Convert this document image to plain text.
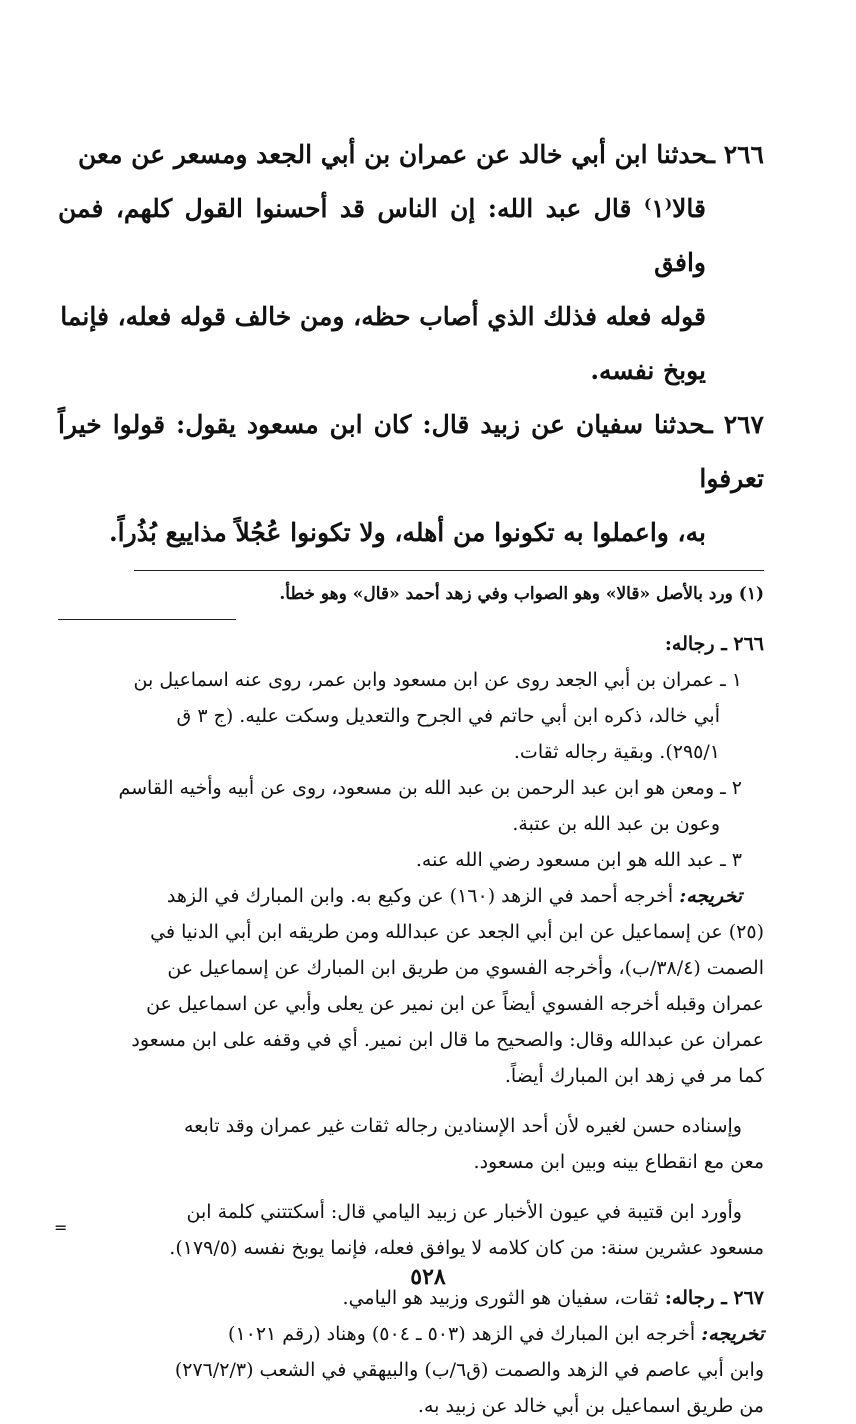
٢٦٦ ـحدثنا ابن أبي خالد عن عمران بن أبي الجعد ومسعر عن معن

قالا⁽١⁾ قال عبد الله: إن الناس قد أحسنوا القول كلهم، فمن وافق

قوله فعله فذلك الذي أصاب حظه، ومن خالف قوله فعله، فإنما

يوبخ نفسه.

٢٦٧ ـحدثنا سفيان عن زبيد قال: كان ابن مسعود يقول: قولوا خيراً تعرفوا

به، واعملوا به تكونوا من أهله، ولا تكونوا عُجُلاً مذاييع بُذُراً.

(١) ورد بالأصل «قالا» وهو الصواب وفي زهد أحمد «قال» وهو خطأ.

٢٦٦ ـ رجاله:

١ ـ عمران بن أبي الجعد روى عن ابن مسعود وابن عمر، روى عنه اسماعيل بن

أبي خالد، ذكره ابن أبي حاتم في الجرح والتعديل وسكت عليه. (ج ٣ ق

٢٩٥/١). وبقية رجاله ثقات.

٢ ـ ومعن هو ابن عبد الرحمن بن عبد الله بن مسعود، روى عن أبيه وأخيه القاسم

وعون بن عبد الله بن عتبة.

٣ ـ عبد الله هو ابن مسعود رضي الله عنه.

تخريجه: أخرجه أحمد في الزهد (١٦٠) عن وكيع به. وابن المبارك في الزهد

(٢٥) عن إسماعيل عن ابن أبي الجعد عن عبدالله ومن طريقه ابن أبي الدنيا في

الصمت (٣٨/٤/ب)، وأخرجه الفسوي من طريق ابن المبارك عن إسماعيل عن

عمران وقبله أخرجه الفسوي أيضاً عن ابن نمير عن يعلى وأبي عن اسماعيل عن

عمران عن عبدالله وقال: والصحيح ما قال ابن نمير. أي في وقفه على ابن مسعود

كما مر في زهد ابن المبارك أيضاً.

وإسناده حسن لغيره لأن أحد الإسنادين رجاله ثقات غير عمران وقد تابعه

معن مع انقطاع بينه وبين ابن مسعود.

وأورد ابن قتيبة في عيون الأخبار عن زبيد اليامي قال: أسكتتني كلمة ابن

مسعود عشرين سنة: من كان كلامه لا يوافق فعله، فإنما يوبخ نفسه (١٧٩/٥).

٢٦٧ ـ رجاله: ثقات، سفيان هو الثورى وزبيد هو اليامي.

تخريجه: أخرجه ابن المبارك في الزهد (٥٠٣ ـ ٥٠٤) وهناد (رقم ١٠٢١)

وابن أبي عاصم في الزهد والصمت (ق٦/ب) والبيهقي في الشعب (٢٧٦/٢/٣)

من طريق اسماعيل بن أبي خالد عن زبيد به.

=
٥٢٨
